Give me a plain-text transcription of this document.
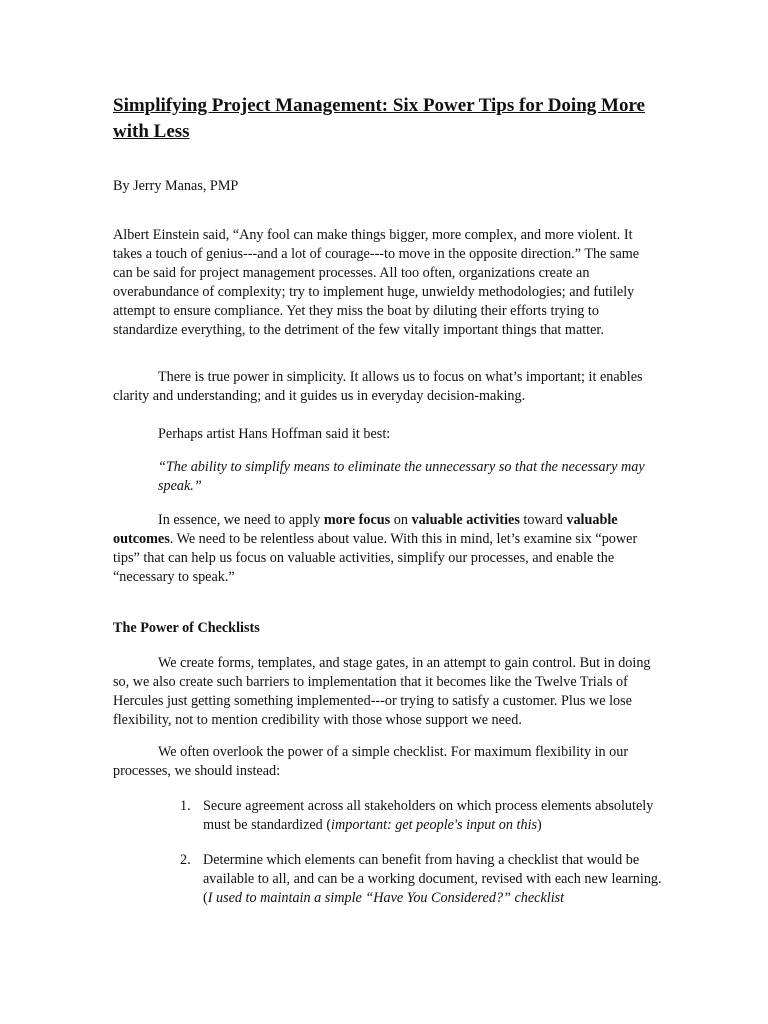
Simplifying Project Management: Six Power Tips for Doing More with Less

By Jerry Manas, PMP

Albert Einstein said, “Any fool can make things bigger, more complex, and more violent. It takes a touch of genius---and a lot of courage---to move in the opposite direction.” The same can be said for project management processes. All too often, organizations create an overabundance of complexity; try to implement huge, unwieldy methodologies; and futilely attempt to ensure compliance. Yet they miss the boat by diluting their efforts trying to standardize everything, to the detriment of the few vitally important things that matter.

There is true power in simplicity. It allows us to focus on what’s important; it enables clarity and understanding; and it guides us in everyday decision-making.

Perhaps artist Hans Hoffman said it best:

“The ability to simplify means to eliminate the unnecessary so that the necessary may speak.”

In essence, we need to apply more focus on valuable activities toward valuable outcomes. We need to be relentless about value. With this in mind, let’s examine six “power tips” that can help us focus on valuable activities, simplify our processes, and enable the “necessary to speak.”

The Power of Checklists

We create forms, templates, and stage gates, in an attempt to gain control. But in doing so, we also create such barriers to implementation that it becomes like the Twelve Trials of Hercules just getting something implemented---or trying to satisfy a customer. Plus we lose flexibility, not to mention credibility with those whose support we need.

We often overlook the power of a simple checklist. For maximum flexibility in our processes, we should instead:

1. Secure agreement across all stakeholders on which process elements absolutely must be standardized (important: get people's input on this)
2. Determine which elements can benefit from having a checklist that would be available to all, and can be a working document, revised with each new learning. (I used to maintain a simple “Have You Considered?” checklist
